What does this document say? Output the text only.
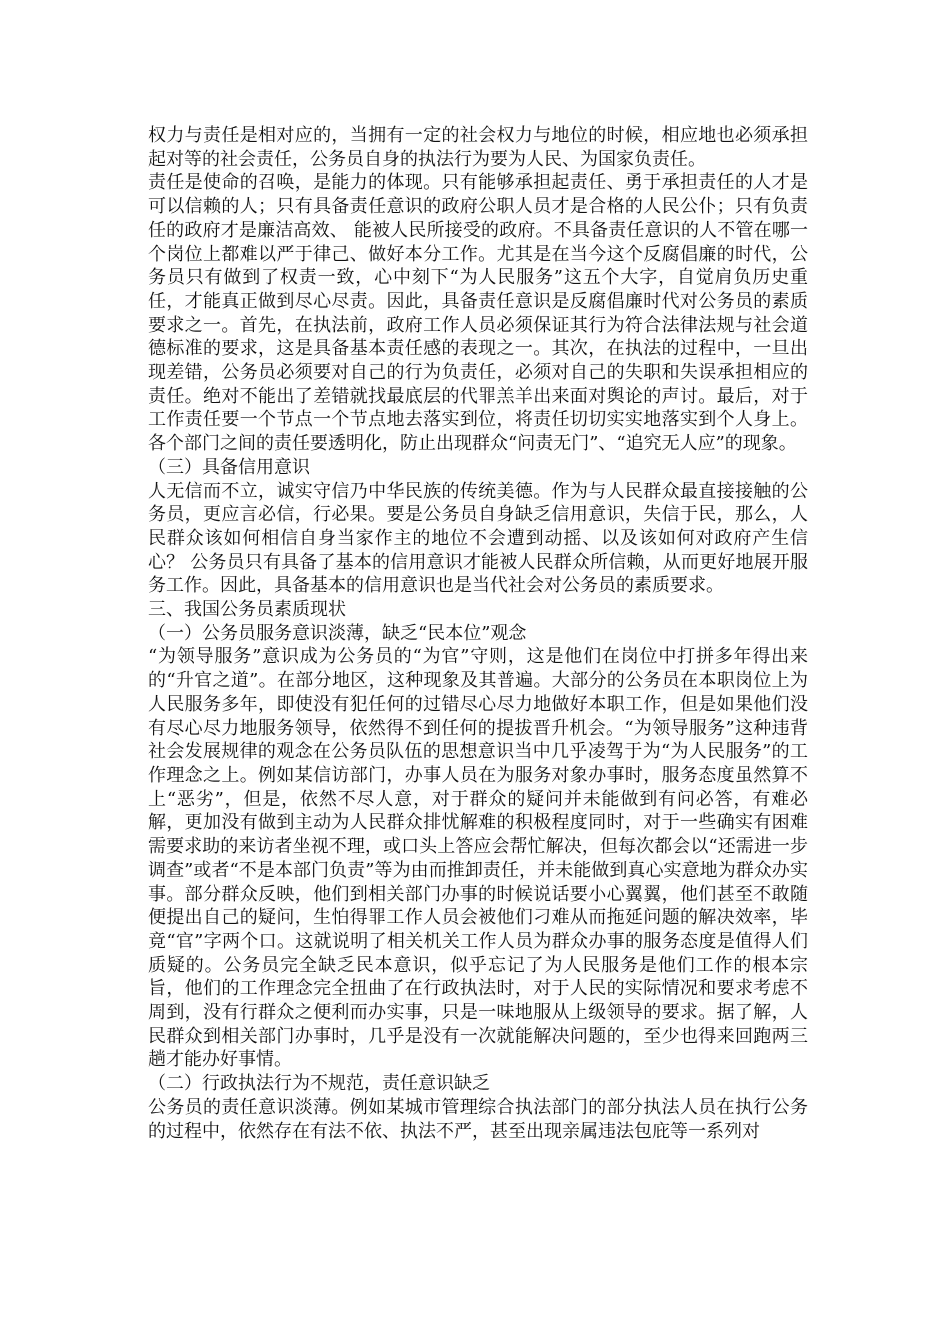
权力与责任是相对应的，当拥有一定的社会权力与地位的时候，相应地也必须承担起对等的社会责任，公务员自身的执法行为要为人民、为国家负责任。

责任是使命的召唤，是能力的体现。只有能够承担起责任、勇于承担责任的人才是可以信赖的人；只有具备责任意识的政府公职人员才是合格的人民公仆；只有负责任的政府才是廉洁高效、 能被人民所接受的政府。不具备责任意识的人不管在哪一个岗位上都难以严于律己、做好本分工作。尤其是在当今这个反腐倡廉的时代，公务员只有做到了权责一致，心中刻下“为人民服务”这五个大字，自觉肩负历史重任，才能真正做到尽心尽责。因此，具备责任意识是反腐倡廉时代对公务员的素质要求之一。首先，在执法前，政府工作人员必须保证其行为符合法律法规与社会道德标准的要求，这是具备基本责任感的表现之一。其次，在执法的过程中，一旦出现差错，公务员必须要对自己的行为负责任，必须对自己的失职和失误承担相应的责任。绝对不能出了差错就找最底层的代罪羔羊出来面对舆论的声讨。最后，对于工作责任要一个节点一个节点地去落实到位，将责任切切实实地落实到个人身上。各个部门之间的责任要透明化，防止出现群众“问责无门”、“追究无人应”的现象。

（三）具备信用意识

人无信而不立，诚实守信乃中华民族的传统美德。作为与人民群众最直接接触的公务员，更应言必信，行必果。要是公务员自身缺乏信用意识，失信于民，那么，人民群众该如何相信自身当家作主的地位不会遭到动摇、以及该如何对政府产生信心？ 公务员只有具备了基本的信用意识才能被人民群众所信赖，从而更好地展开服务工作。因此，具备基本的信用意识也是当代社会对公务员的素质要求。

三、我国公务员素质现状

（一）公务员服务意识淡薄，缺乏“民本位”观念

“为领导服务”意识成为公务员的“为官”守则，这是他们在岗位中打拼多年得出来的“升官之道”。在部分地区，这种现象及其普遍。大部分的公务员在本职岗位上为人民服务多年，即使没有犯任何的过错尽心尽力地做好本职工作，但是如果他们没有尽心尽力地服务领导，依然得不到任何的提拔晋升机会。“为领导服务”这种违背社会发展规律的观念在公务员队伍的思想意识当中几乎凌驾于为“为人民服务”的工作理念之上。例如某信访部门，办事人员在为服务对象办事时，服务态度虽然算不上“恶劣”，但是，依然不尽人意，对于群众的疑问并未能做到有问必答，有难必解，更加没有做到主动为人民群众排忧解难的积极程度同时，对于一些确实有困难需要求助的来访者坐视不理，或口头上答应会帮忙解决，但每次都会以“还需进一步调查”或者“不是本部门负责”等为由而推卸责任，并未能做到真心实意地为群众办实事。部分群众反映，他们到相关部门办事的时候说话要小心翼翼，他们甚至不敢随便提出自己的疑问，生怕得罪工作人员会被他们刁难从而拖延问题的解决效率，毕竟“官”字两个口。这就说明了相关机关工作人员为群众办事的服务态度是值得人们质疑的。公务员完全缺乏民本意识，似乎忘记了为人民服务是他们工作的根本宗旨，他们的工作理念完全扭曲了在行政执法时，对于人民的实际情况和要求考虑不周到，没有行群众之便利而办实事，只是一味地服从上级领导的要求。据了解，人民群众到相关部门办事时，几乎是没有一次就能解决问题的，至少也得来回跑两三趟才能办好事情。

（二）行政执法行为不规范，责任意识缺乏

公务员的责任意识淡薄。例如某城市管理综合执法部门的部分执法人员在执行公务的过程中，依然存在有法不依、执法不严，甚至出现亲属违法包庇等一系列对
